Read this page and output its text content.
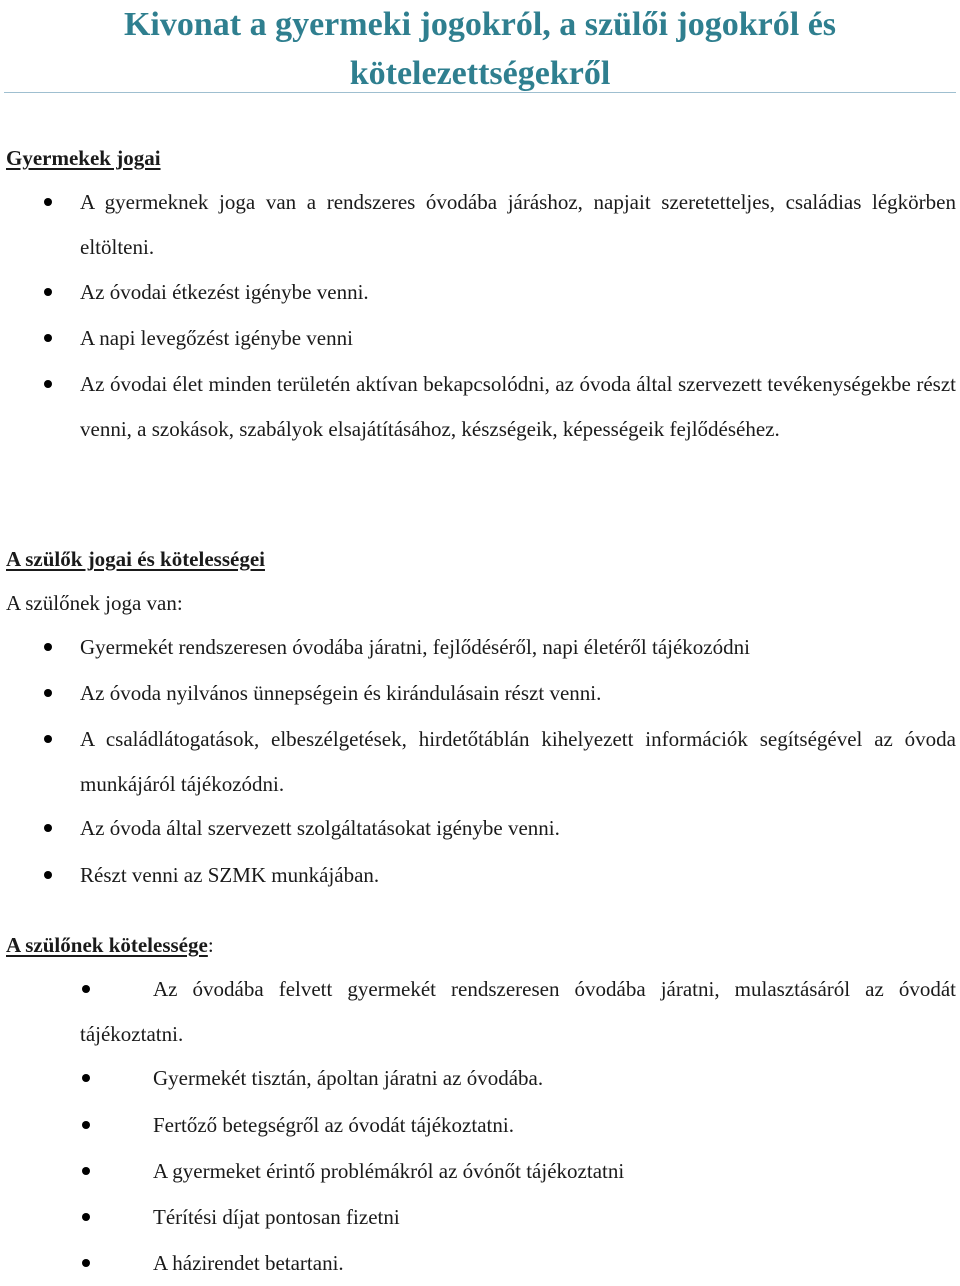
Kivonat a gyermeki jogokról, a szülői jogokról és
kötelezettségekről
Gyermekek jogai
A gyermeknek joga van a rendszeres óvodába járáshoz, napjait szeretetteljes, családias légkörben eltölteni.
Az óvodai étkezést igénybe venni.
A napi levegőzést igénybe venni
Az óvodai élet minden területén aktívan bekapcsolódni, az óvoda által szervezett tevékenységekbe részt venni, a szokások, szabályok elsajátításához, készségeik, képességeik fejlődéséhez.
A szülők jogai és kötelességei
A szülőnek joga van:
Gyermekét rendszeresen óvodába járatni, fejlődéséről, napi életéről tájékozódni
Az óvoda nyilvános ünnepségein és kirándulásain részt venni.
A családlátogatások, elbeszélgetések, hirdetőtáblán kihelyezett információk segítségével az óvoda munkájáról tájékozódni.
Az óvoda által szervezett szolgáltatásokat igénybe venni.
Részt venni az SZMK munkájában.
A szülőnek kötelessége:
Az óvodába felvett gyermekét rendszeresen óvodába járatni, mulasztásáról az óvodát tájékoztatni.
Gyermekét tisztán, ápoltan járatni az óvodába.
Fertőző betegségről az óvodát tájékoztatni.
A gyermeket érintő problémákról az óvónőt tájékoztatni
Térítési díjat pontosan fizetni
A házirendet betartani.
